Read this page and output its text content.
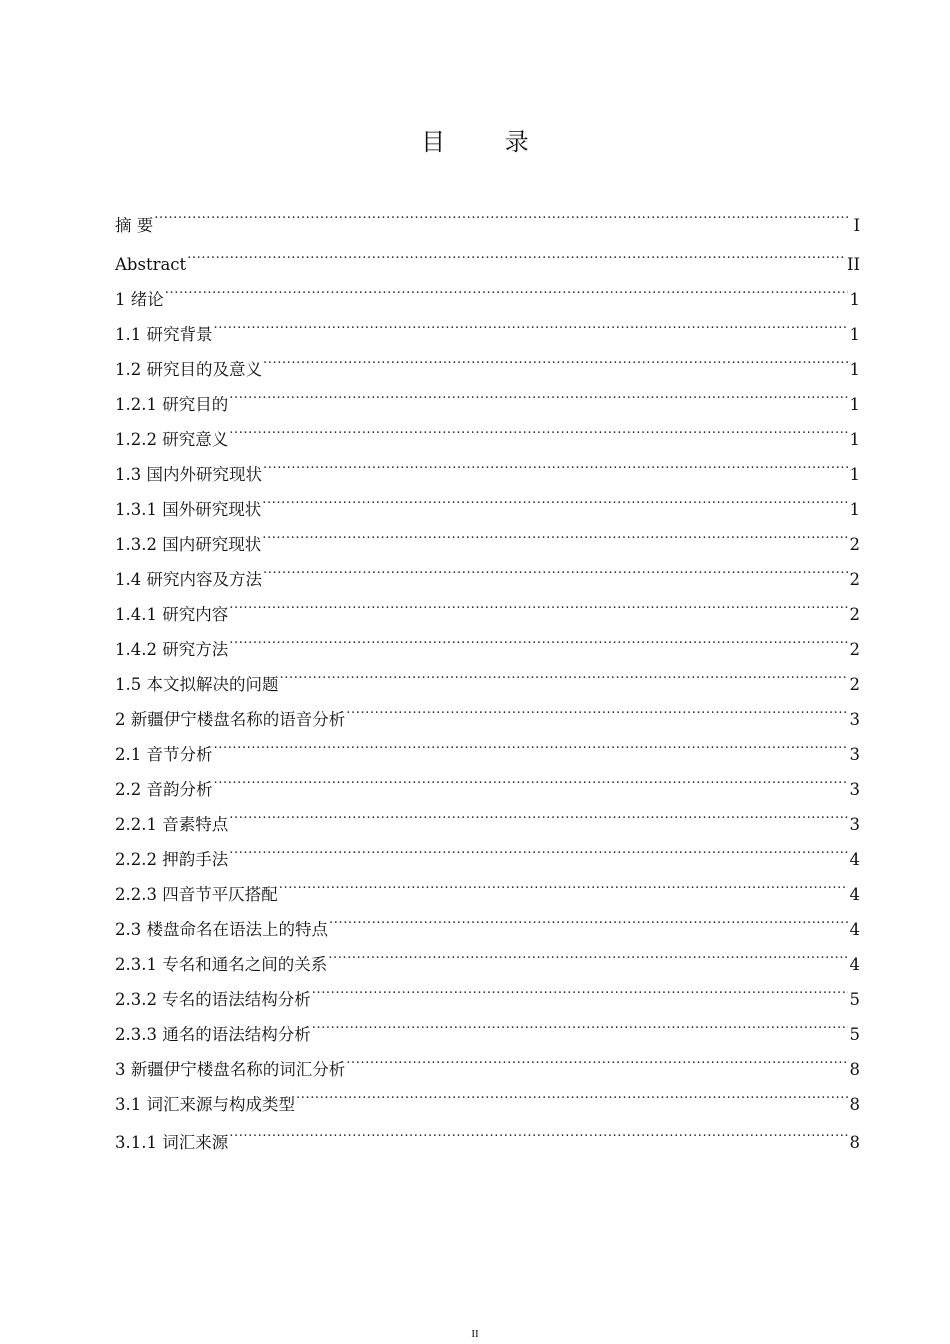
目 录
摘 要 .....	I
Abstract .....	II
1 绪论 .....	1
1.1 研究背景 .....	1
1.2 研究目的及意义 .....	1
1.2.1 研究目的 .....	1
1.2.2 研究意义 .....	1
1.3 国内外研究现状 .....	1
1.3.1 国外研究现状 .....	1
1.3.2 国内研究现状 .....	2
1.4 研究内容及方法 .....	2
1.4.1 研究内容 .....	2
1.4.2 研究方法 .....	2
1.5 本文拟解决的问题 .....	2
2 新疆伊宁楼盘名称的语音分析 .....	3
2.1 音节分析 .....	3
2.2 音韵分析 .....	3
2.2.1 音素特点 .....	3
2.2.2 押韵手法 .....	4
2.2.3 四音节平仄搭配 .....	4
2.3 楼盘命名在语法上的特点 .....	4
2.3.1 专名和通名之间的关系 .....	4
2.3.2 专名的语法结构分析 .....	5
2.3.3 通名的语法结构分析 .....	5
3 新疆伊宁楼盘名称的词汇分析 .....	8
3.1 词汇来源与构成类型 .....	8
3.1.1 词汇来源 .....	8
II
